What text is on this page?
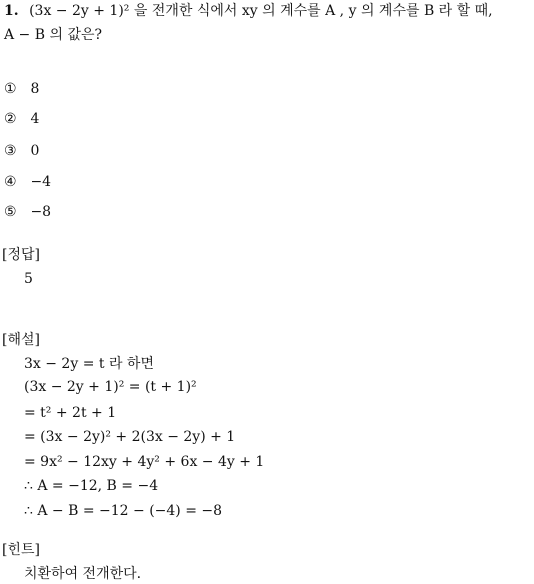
1. (3x − 2y + 1)² 을 전개한 식에서 xy 의 계수를 A , y 의 계수를 B 라 할 때,
A − B 의 값은?
① 8
② 4
③ 0
④ −4
⑤ −8
[정답]
5
[해설]
3x − 2y = t 라 하면
(3x − 2y + 1)² = (t + 1)²
= t² + 2t + 1
= (3x − 2y)² + 2(3x − 2y) + 1
= 9x² − 12xy + 4y² + 6x − 4y + 1
∴ A = −12, B = −4
∴ A − B = −12 − (−4) = −8
[힌트]
치환하여 전개한다.
